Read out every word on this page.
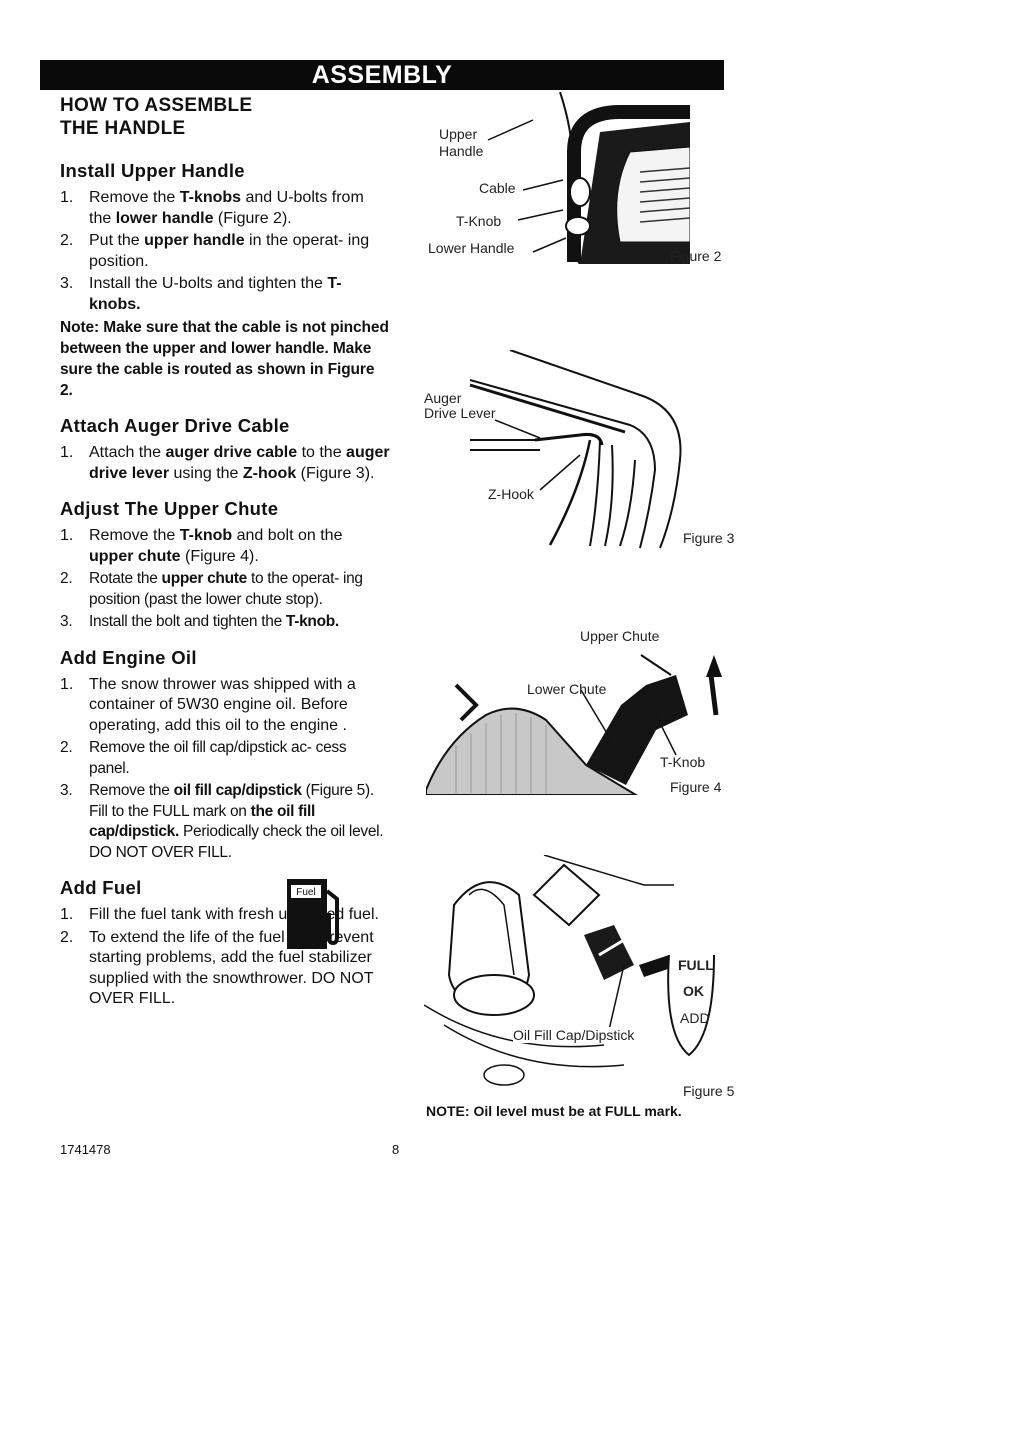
ASSEMBLY
HOW TO ASSEMBLE
THE HANDLE
Install Upper Handle
1. Remove the T-knobs and U-bolts from the lower handle (Figure 2).
2. Put the upper handle in the operat- ing position.
3. Install the U-bolts and tighten the T-knobs.
Note: Make sure that the cable is not pinched between the upper and lower handle. Make sure the cable is routed as shown in Figure 2.
Attach Auger Drive Cable
1. Attach the auger drive cable to the auger drive lever using the Z-hook (Figure 3).
Adjust The Upper Chute
1. Remove the T-knob and bolt on the upper chute (Figure 4).
2. Rotate the upper chute to the operat- ing position (past the lower chute stop).
3. Install the bolt and tighten the T-knob.
Add Engine Oil
1. The snow thrower was shipped with a container of 5W30 engine oil. Before operating, add this oil to the engine .
2. Remove the oil fill cap/dipstick ac- cess panel.
3. Remove the oil fill cap/dipstick (Figure 5). Fill to the FULL mark on the oil fill cap/dipstick. Periodically check the oil level. DO NOT OVER FILL.
Add Fuel	Fuel
1. Fill the fuel tank with fresh unleaded fuel.
2. To extend the life of the fuel and prevent starting problems, add the fuel stabilizer supplied with the snowthrower. DO NOT OVER FILL.
1741478	8
Upper
Handle
Cable
T-Knob
Lower Handle	Figure 2
Auger
Drive Lever
Z-Hook
Figure 3
Upper Chute
Lower Chute
T-Knob
Figure 4
FULL
OK
ADD
Oil Fill Cap/Dipstick
Figure 5
NOTE: Oil level must be at FULL mark.
